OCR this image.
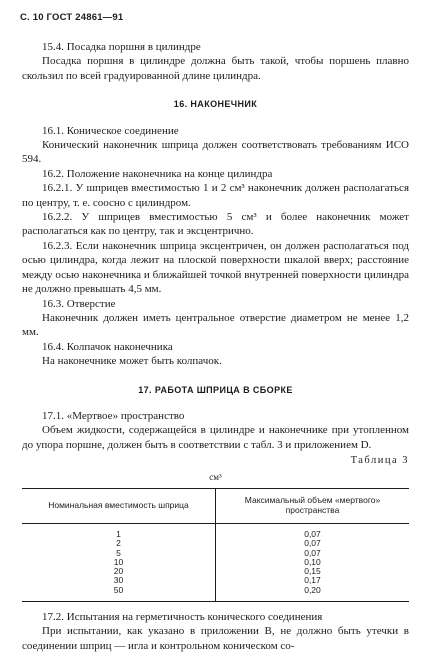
С. 10 ГОСТ 24861—91

15.4. Посадка поршня в цилиндре

Посадка поршня в цилиндре должна быть такой, чтобы поршень плавно скользил по всей градуированной длине цилиндра.

16. НАКОНЕЧНИК

16.1. Коническое соединение

Конический наконечник шприца должен соответствовать требованиям ИСО 594.

16.2. Положение наконечника на конце цилиндра

16.2.1. У шприцев вместимостью 1 и 2 см³ наконечник должен располагаться по центру, т. е. соосно с цилиндром.

16.2.2. У шприцев вместимостью 5 см³ и более наконечник может располагаться как по центру, так и эксцентрично.

16.2.3. Если наконечник шприца эксцентричен, он должен располагаться под осью цилиндра, когда лежит на плоской поверхности шкалой вверх; расстояние между осью наконечника и ближайшей точкой внутренней поверхности цилиндра не должно превышать 4,5 мм.

16.3. Отверстие

Наконечник должен иметь центральное отверстие диаметром не менее 1,2 мм.

16.4. Колпачок наконечника

На наконечнике может быть колпачок.

17. РАБОТА ШПРИЦА В СБОРКЕ

17.1. «Мертвое» пространство

Объем жидкости, содержащейся в цилиндре и наконечнике при утопленном до упора поршне, должен быть в соответствии с табл. 3 и приложением D.

Таблица 3

см³
Номинальная вместимость шприца	Максимальный объем «мертвого» пространства
1	0,07
2	0,07
5	0,07
10	0,10
20	0,15
30	0,17
50	0,20

17.2. Испытания на герметичность конического соединения

При испытании, как указано в приложении В, не должно быть утечки в соединении шприц — игла и контрольном коническом со-
